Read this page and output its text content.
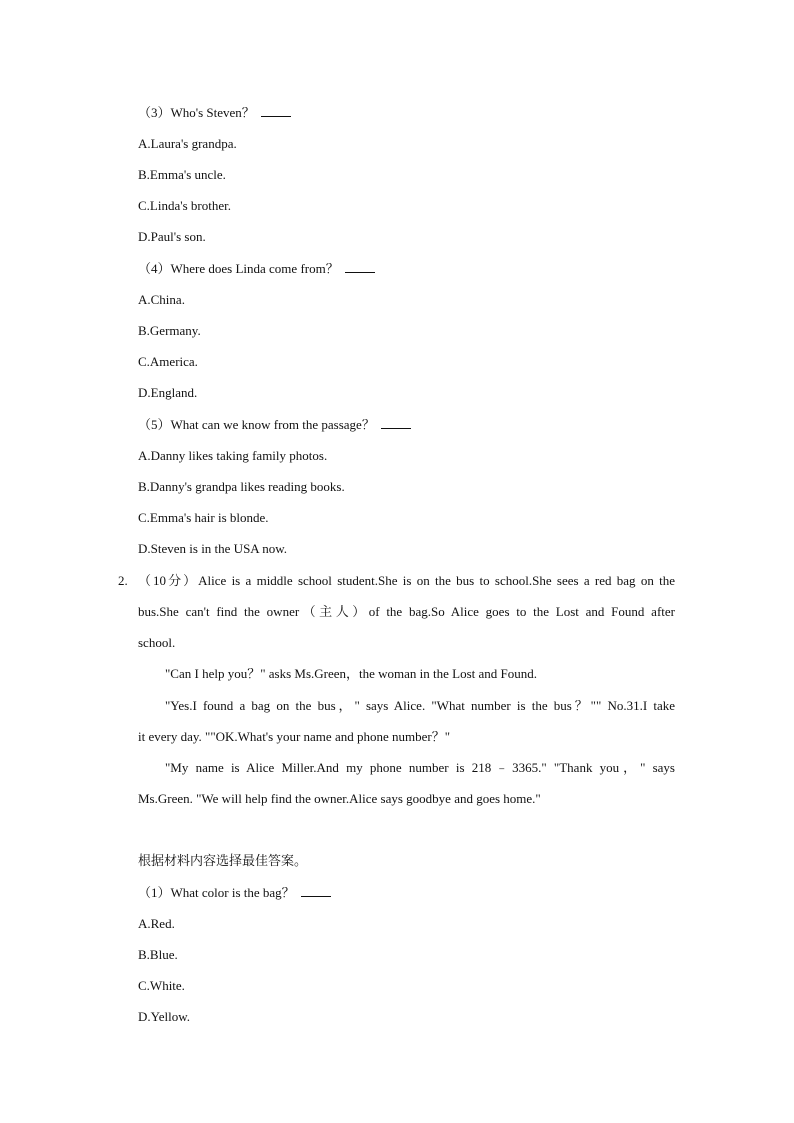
（3）Who's Steven？
A.Laura's grandpa.
B.Emma's uncle.
C.Linda's brother.
D.Paul's son.
（4）Where does Linda come from？
A.China.
B.Germany.
C.America.
D.England.
（5）What can we know from the passage？
A.Danny likes taking family photos.
B.Danny's grandpa likes reading books.
C.Emma's hair is blonde.
D.Steven is in the USA now.
2. （10分）Alice is a middle school student.She is on the bus to school.She sees a red bag on the
bus.She can't find the owner（主人）of the bag.So Alice goes to the Lost and Found after
school.
"Can I help you？" asks Ms.Green，the woman in the Lost and Found.
"Yes.I found a bag on the bus，" says Alice. "What number is the bus？"" No.31.I take
it every day. ""OK.What's your name and phone number？"
"My name is Alice Miller.And my phone number is 218﹣3365." "Thank you，" says
Ms.Green. "We will help find the owner.Alice says goodbye and goes home."
根据材料内容选择最佳答案。
（1）What color is the bag？
A.Red.
B.Blue.
C.White.
D.Yellow.
